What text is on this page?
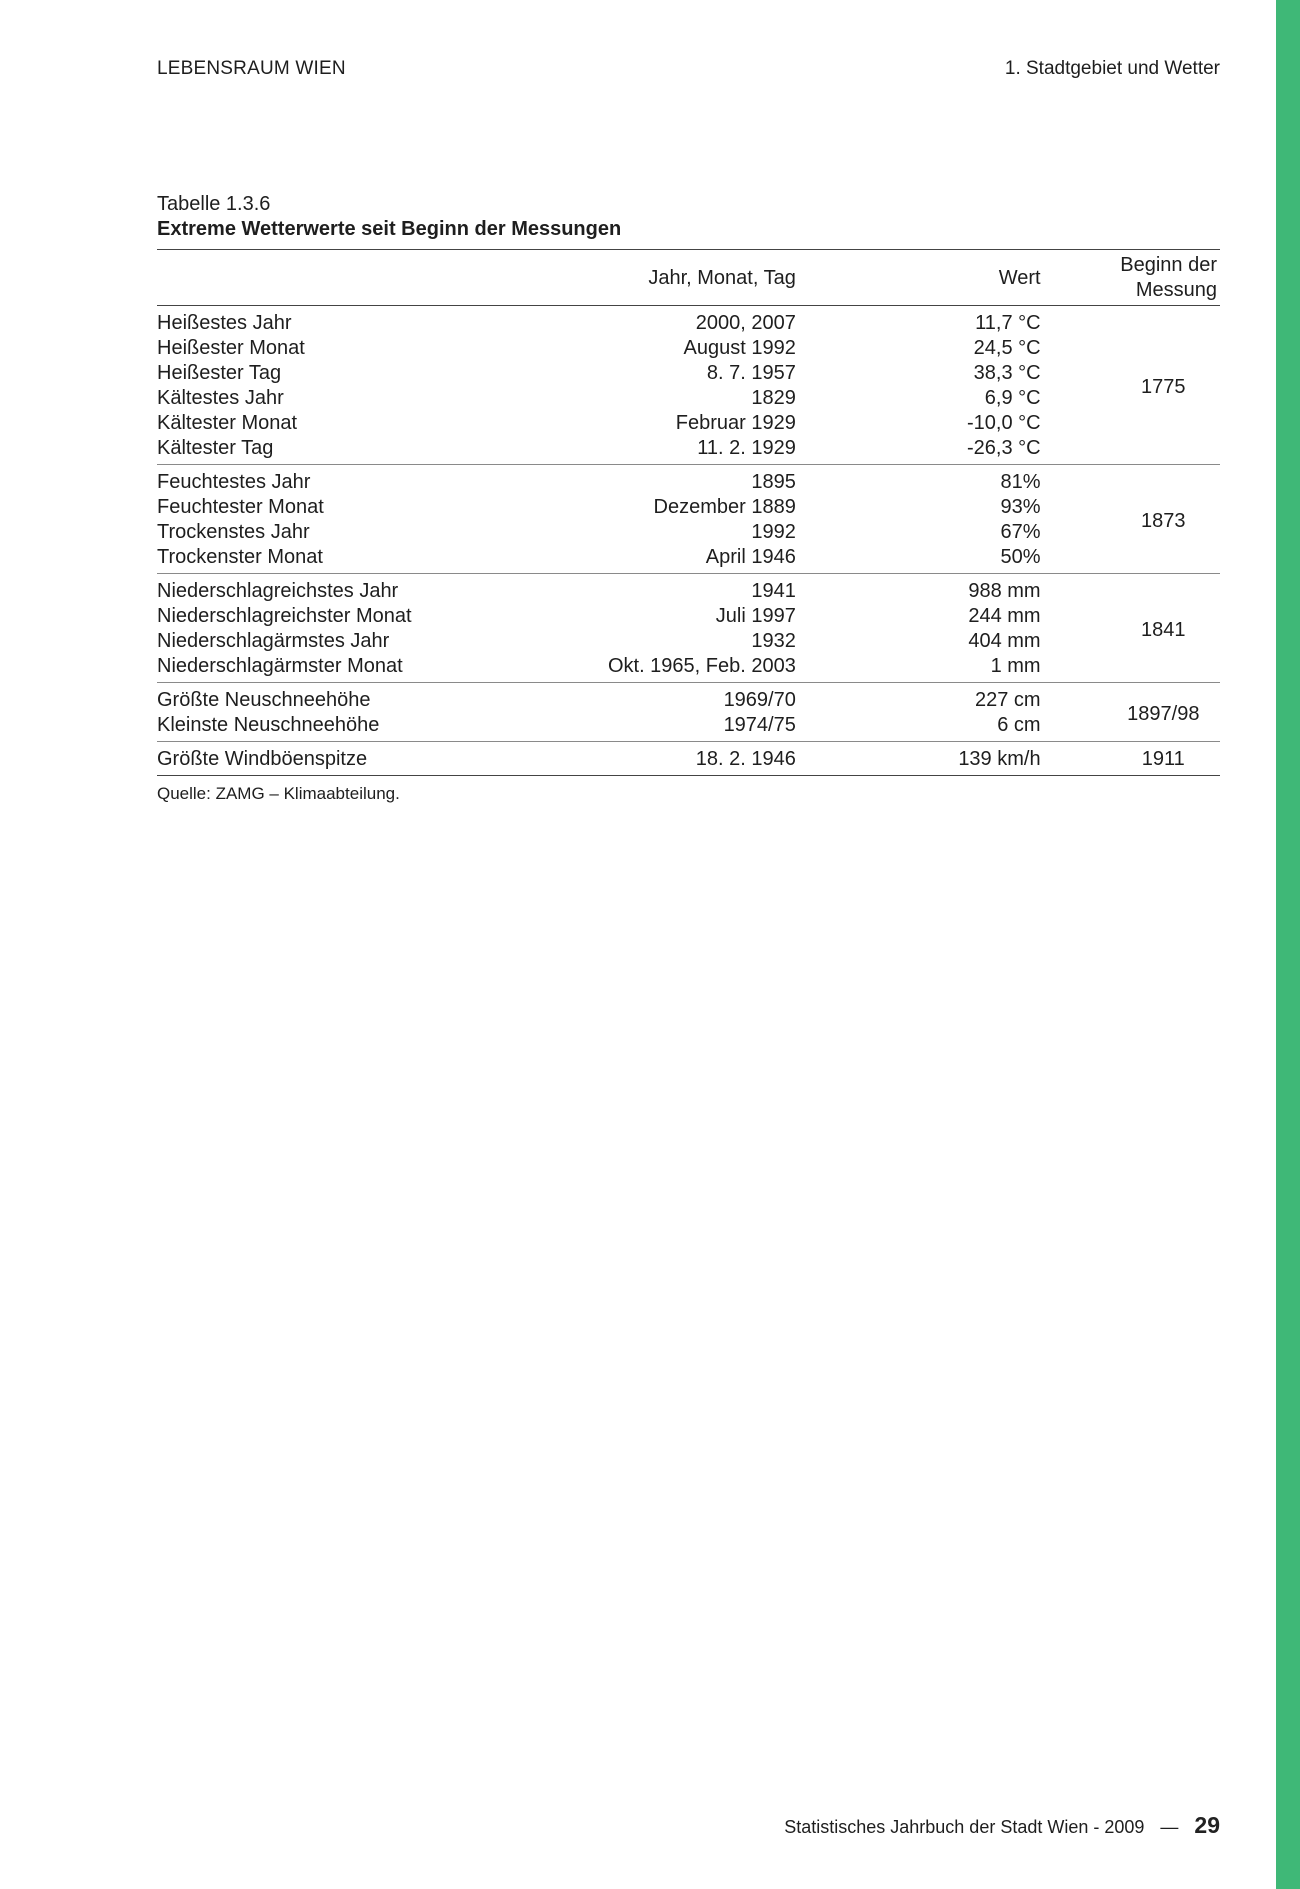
LEBENSRAUM WIEN	1. Stadtgebiet und Wetter
Tabelle 1.3.6
Extreme Wetterwerte seit Beginn der Messungen
	Jahr, Monat, Tag	Wert	Beginn der Messung
Heißestes Jahr	2000, 2007	11,7 °C	1775
Heißester Monat	August 1992	24,5 °C	
Heißester Tag	8. 7. 1957	38,3 °C	
Kältestes Jahr	1829	6,9 °C	
Kältester Monat	Februar 1929	-10,0 °C	
Kältester Tag	11. 2. 1929	-26,3 °C	
Feuchtestes Jahr	1895	81%	1873
Feuchtester Monat	Dezember 1889	93%	
Trockenstes Jahr	1992	67%	
Trockenster Monat	April 1946	50%	
Niederschlagreichstes Jahr	1941	988 mm	1841
Niederschlagreichster Monat	Juli 1997	244 mm	
Niederschlagärmstes Jahr	1932	404 mm	
Niederschlagärmster Monat	Okt. 1965, Feb. 2003	1 mm	
Größte Neuschneehöhe	1969/70	227 cm	1897/98
Kleinste Neuschneehöhe	1974/75	6 cm	
Größte Windböenspitze	18. 2. 1946	139 km/h	1911
Quelle: ZAMG – Klimaabteilung.
Statistisches Jahrbuch der Stadt Wien - 2009 — 29
